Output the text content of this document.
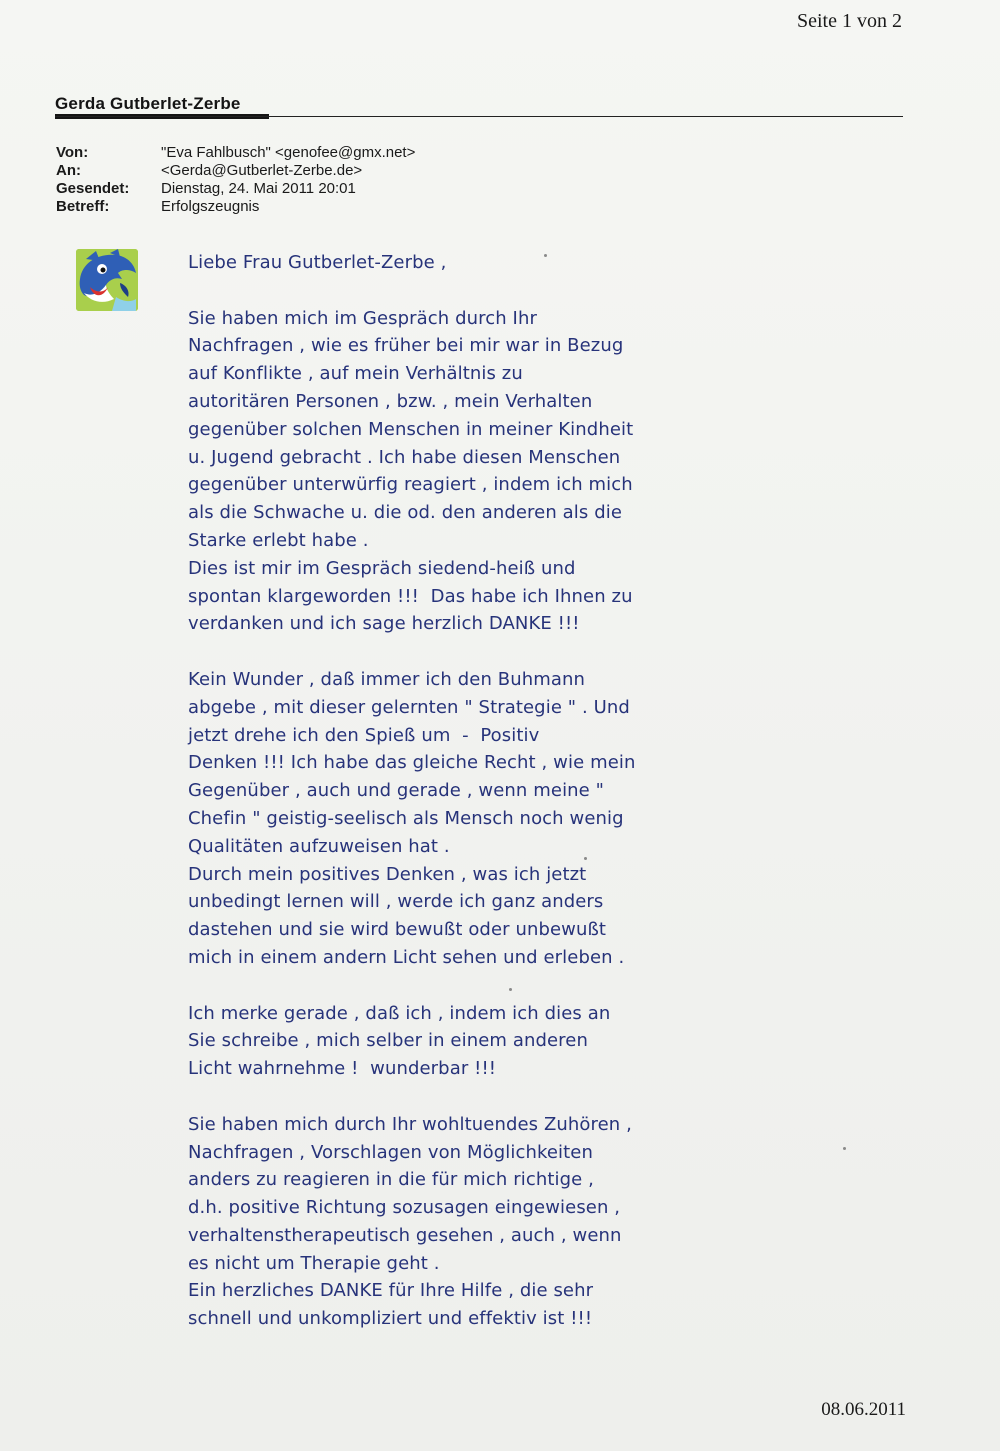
Seite 1 von 2
Gerda Gutberlet-Zerbe
Von:	"Eva Fahlbusch" <genofee@gmx.net>
An:	<Gerda@Gutberlet-Zerbe.de>
Gesendet:	Dienstag, 24. Mai 2011 20:01
Betreff:	Erfolgszeugnis

Liebe Frau Gutberlet-Zerbe ,

Sie haben mich im Gespräch durch Ihr
Nachfragen , wie es früher bei mir war in Bezug
auf Konflikte , auf mein Verhältnis zu
autoritären Personen , bzw. , mein Verhalten
gegenüber solchen Menschen in meiner Kindheit
u. Jugend gebracht . Ich habe diesen Menschen
gegenüber unterwürfig reagiert , indem ich mich
als die Schwache u. die od. den anderen als die
Starke erlebt habe .
Dies ist mir im Gespräch siedend-heiß und
spontan klargeworden !!!  Das habe ich Ihnen zu
verdanken und ich sage herzlich DANKE !!!

Kein Wunder , daß immer ich den Buhmann
abgebe , mit dieser gelernten " Strategie " . Und
jetzt drehe ich den Spieß um  -  Positiv
Denken !!! Ich habe das gleiche Recht , wie mein
Gegenüber , auch und gerade , wenn meine "
Chefin " geistig-seelisch als Mensch noch wenig
Qualitäten aufzuweisen hat .
Durch mein positives Denken , was ich jetzt
unbedingt lernen will , werde ich ganz anders
dastehen und sie wird bewußt oder unbewußt
mich in einem andern Licht sehen und erleben .

Ich merke gerade , daß ich , indem ich dies an
Sie schreibe , mich selber in einem anderen
Licht wahrnehme !  wunderbar !!!

Sie haben mich durch Ihr wohltuendes Zuhören ,
Nachfragen , Vorschlagen von Möglichkeiten
anders zu reagieren in die für mich richtige ,
d.h. positive Richtung sozusagen eingewiesen ,
verhaltenstherapeutisch gesehen , auch , wenn
es nicht um Therapie geht .
Ein herzliches DANKE für Ihre Hilfe , die sehr
schnell und unkompliziert und effektiv ist !!!

08.06.2011
